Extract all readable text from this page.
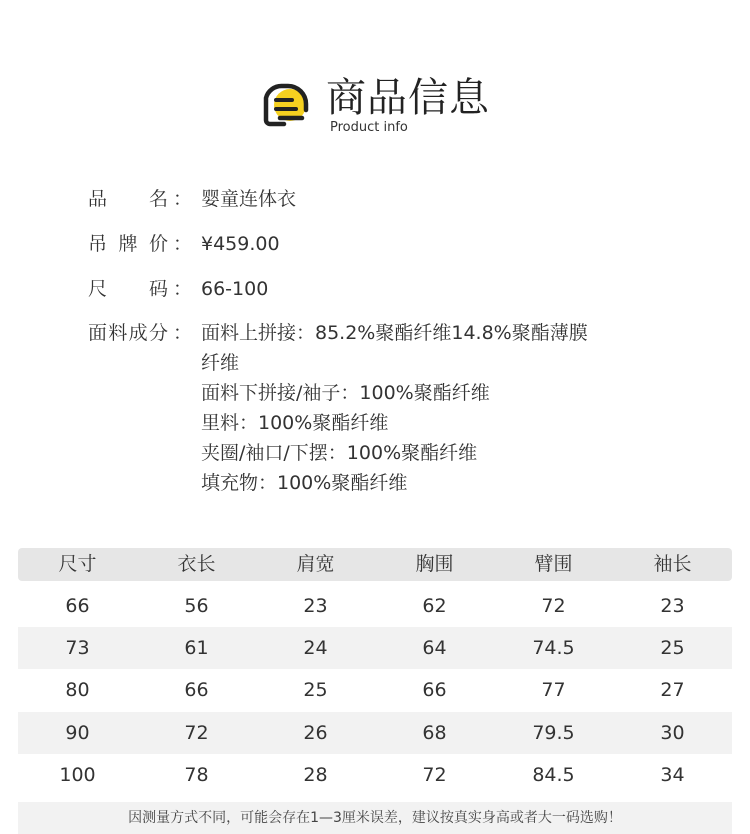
商品信息
Product info
品 名 ： 婴童连体衣
吊 牌 价 ： ¥459.00
尺 码 ： 66-100
面 料 成 分 ： 面料上拼接：85.2%聚酯纤维14.8%聚酯薄膜
纤维
面料下拼接/袖子：100%聚酯纤维
里料：100%聚酯纤维
夹圈/袖口/下摆：100%聚酯纤维
填充物：100%聚酯纤维
尺寸	衣长	肩宽	胸围	臂围	袖长
66	56	23	62	72	23
73	61	24	64	74.5	25
80	66	25	66	77	27
90	72	26	68	79.5	30
100	78	28	72	84.5	34
因测量方式不同，可能会存在1—3厘米误差，建议按真实身高或者大一码选购！
